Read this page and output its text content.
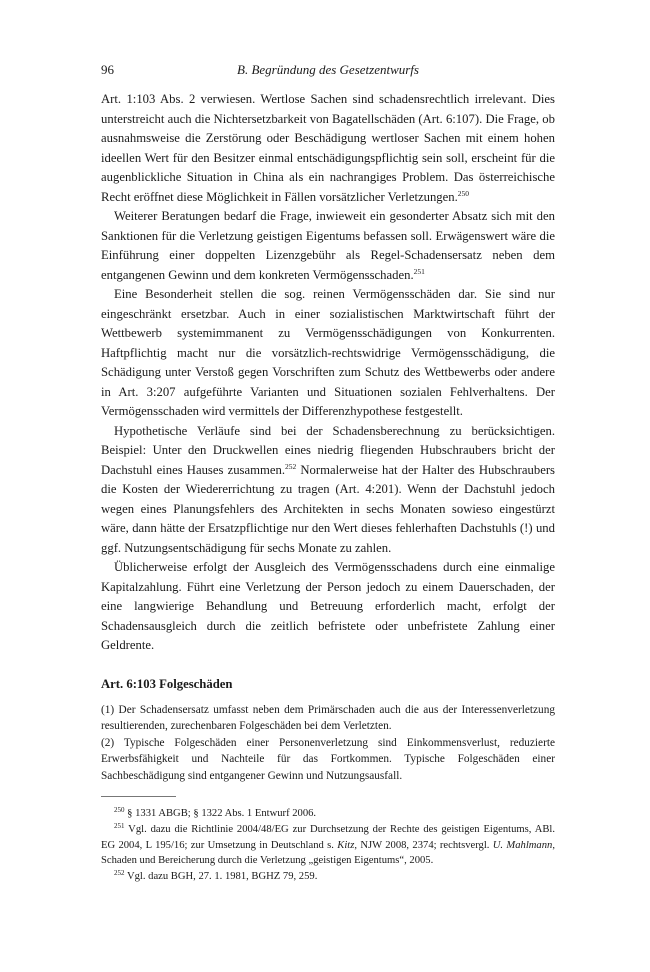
96	B. Begründung des Gesetzentwurfs

Art. 1:103 Abs. 2 verwiesen. Wertlose Sachen sind schadensrechtlich irrelevant. Dies unterstreicht auch die Nichtersetzbarkeit von Bagatellschäden (Art. 6:107). Die Frage, ob ausnahmsweise die Zerstörung oder Beschädigung wertloser Sachen mit einem hohen ideellen Wert für den Besitzer einmal entschädigungspflichtig sein soll, erscheint für die augenblickliche Situation in China als ein nachrangiges Problem. Das österreichische Recht eröffnet diese Möglichkeit in Fällen vorsätzlicher Verletzungen.$^{250}$

Weiterer Beratungen bedarf die Frage, inwieweit ein gesonderter Absatz sich mit den Sanktionen für die Verletzung geistigen Eigentums befassen soll. Erwägenswert wäre die Einführung einer doppelten Lizenzgebühr als Regel-Schadensersatz neben dem entgangenen Gewinn und dem konkreten Vermögensschaden.$^{251}$

Eine Besonderheit stellen die sog. reinen Vermögensschäden dar. Sie sind nur eingeschränkt ersetzbar. Auch in einer sozialistischen Marktwirtschaft führt der Wettbewerb systemimmanent zu Vermögensschädigungen von Konkurrenten. Haftpflichtig macht nur die vorsätzlich-rechtswidrige Vermögensschädigung, die Schädigung unter Verstoß gegen Vorschriften zum Schutz des Wettbewerbs oder andere in Art. 3:207 aufgeführte Varianten und Situationen sozialen Fehlverhaltens. Der Vermögensschaden wird vermittels der Differenzhypothese festgestellt.

Hypothetische Verläufe sind bei der Schadensberechnung zu berücksichtigen. Beispiel: Unter den Druckwellen eines niedrig fliegenden Hubschraubers bricht der Dachstuhl eines Hauses zusammen.$^{252}$ Normalerweise hat der Halter des Hubschraubers die Kosten der Wiedererrichtung zu tragen (Art. 4:201). Wenn der Dachstuhl jedoch wegen eines Planungsfehlers des Architekten in sechs Monaten sowieso eingestürzt wäre, dann hätte der Ersatzpflichtige nur den Wert dieses fehlerhaften Dachstuhls (!) und ggf. Nutzungsentschädigung für sechs Monate zu zahlen.

Üblicherweise erfolgt der Ausgleich des Vermögensschadens durch eine einmalige Kapitalzahlung. Führt eine Verletzung der Person jedoch zu einem Dauerschaden, der eine langwierige Behandlung und Betreuung erforderlich macht, erfolgt der Schadensausgleich durch die zeitlich befristete oder unbefristete Zahlung einer Geldrente.

Art. 6:103 Folgeschäden

(1) Der Schadensersatz umfasst neben dem Primärschaden auch die aus der Interessenverletzung resultierenden, zurechenbaren Folgeschäden bei dem Verletzten.

(2) Typische Folgeschäden einer Personenverletzung sind Einkommensverlust, reduzierte Erwerbsfähigkeit und Nachteile für das Fortkommen. Typische Folgeschäden einer Sachbeschädigung sind entgangener Gewinn und Nutzungsausfall.

$^{250}$ § 1331 ABGB; § 1322 Abs. 1 Entwurf 2006.

$^{251}$ Vgl. dazu die Richtlinie 2004/48/EG zur Durchsetzung der Rechte des geistigen Eigentums, ABl. EG 2004, L 195/16; zur Umsetzung in Deutschland s. Kitz, NJW 2008, 2374; rechtsvergl. U. Mahlmann, Schaden und Bereicherung durch die Verletzung „geistigen Eigentums“, 2005.

$^{252}$ Vgl. dazu BGH, 27. 1. 1981, BGHZ 79, 259.
